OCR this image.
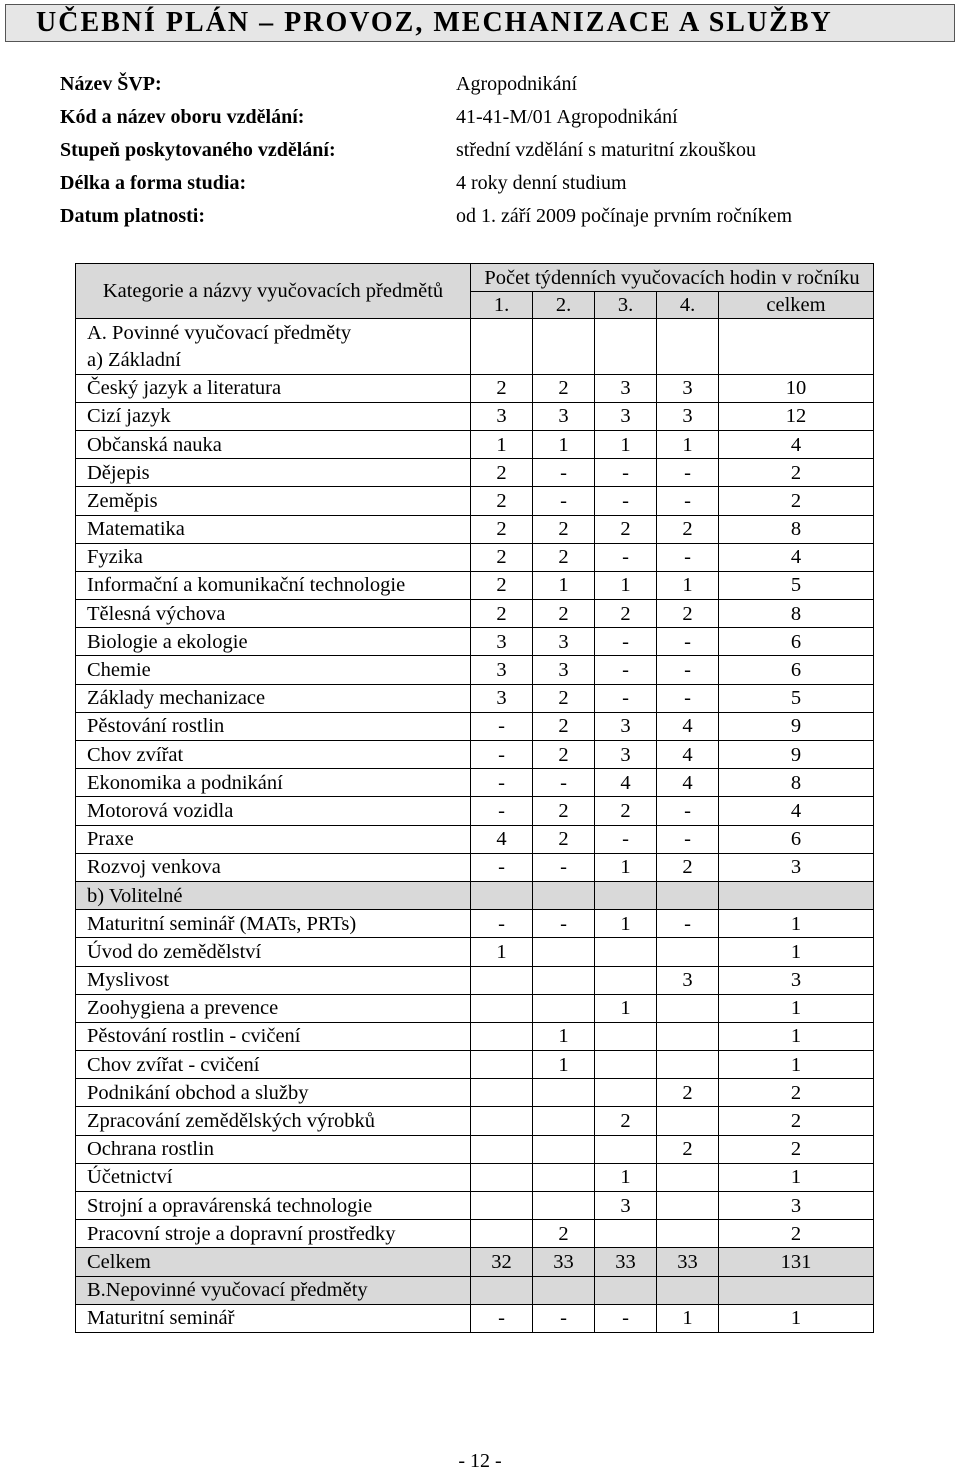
UČEBNÍ PLÁN – PROVOZ, MECHANIZACE A SLUŽBY
Název ŠVP:	Agropodnikání
Kód a název oboru vzdělání:	41-41-M/01 Agropodnikání
Stupeň poskytovaného vzdělání:	střední vzdělání s maturitní zkouškou
Délka a forma studia:	4 roky denní studium
Datum platnosti:	od 1. září 2009 počínaje prvním ročníkem
Kategorie a názvy vyučovacích předmětů	Počet týdenních vyučovacích hodin v ročníku				
	1.	2.	3.	4.	celkem
A. Povinné vyučovací předměty					
a) Základní					
Český jazyk a literatura	2	2	3	3	10
Cizí jazyk	3	3	3	3	12
Občanská nauka	1	1	1	1	4
Dějepis	2	-	-	-	2
Zeměpis	2	-	-	-	2
Matematika	2	2	2	2	8
Fyzika	2	2	-	-	4
Informační a komunikační technologie	2	1	1	1	5
Tělesná výchova	2	2	2	2	8
Biologie a ekologie	3	3	-	-	6
Chemie	3	3	-	-	6
Základy mechanizace	3	2	-	-	5
Pěstování rostlin	-	2	3	4	9
Chov zvířat	-	2	3	4	9
Ekonomika a podnikání	-	-	4	4	8
Motorová vozidla	-	2	2	-	4
Praxe	4	2	-	-	6
Rozvoj venkova	-	-	1	2	3
b) Volitelné					
Maturitní seminář (MATs, PRTs)	-	-	1	-	1
Úvod do zemědělství	1				1
Myslivost				3	3
Zoohygiena a prevence			1		1
Pěstování rostlin - cvičení		1			1
Chov zvířat - cvičení		1			1
Podnikání obchod a služby				2	2
Zpracování zemědělských výrobků			2		2
Ochrana rostlin				2	2
Účetnictví			1		1
Strojní a opravárenská technologie			3		3
Pracovní stroje a dopravní prostředky		2			2
Celkem	32	33	33	33	131
B.Nepovinné vyučovací předměty					
Maturitní seminář	-	-	-	1	1
- 12 -
